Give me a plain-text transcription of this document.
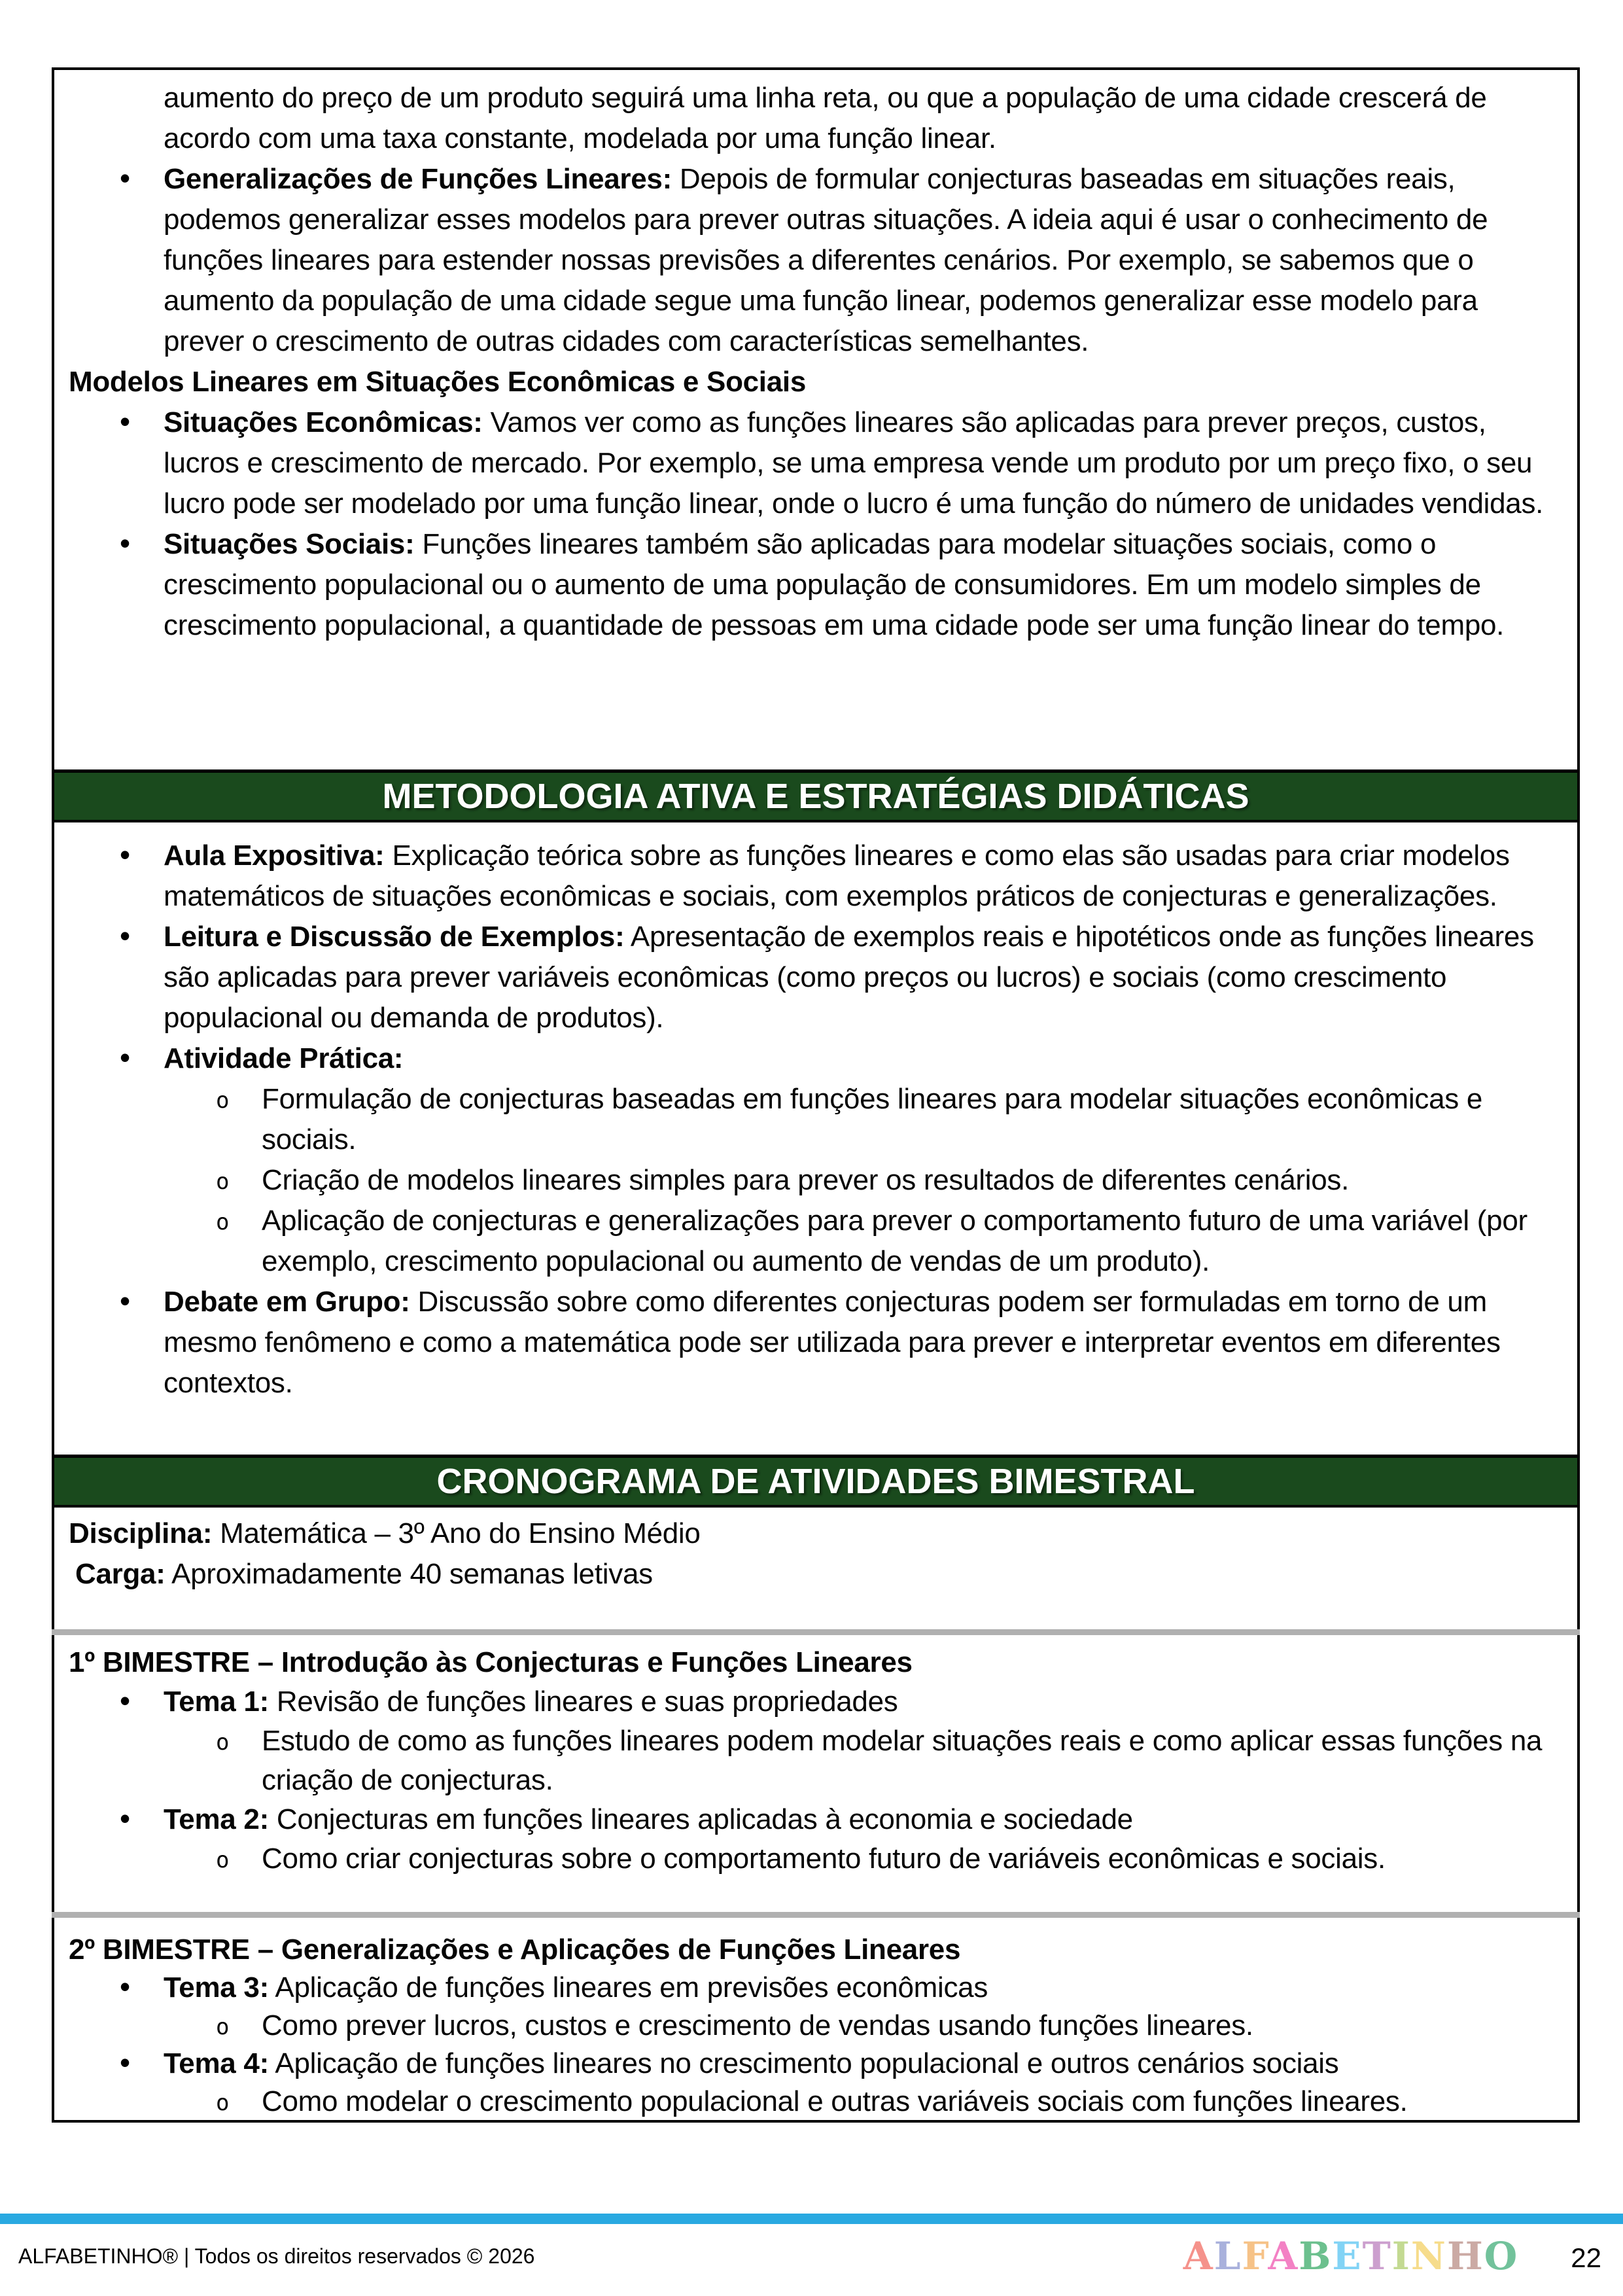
aumento do preço de um produto seguirá uma linha reta, ou que a população de uma cidade crescerá de acordo com uma taxa constante, modelada por uma função linear.

• Generalizações de Funções Lineares: Depois de formular conjecturas baseadas em situações reais, podemos generalizar esses modelos para prever outras situações. A ideia aqui é usar o conhecimento de funções lineares para estender nossas previsões a diferentes cenários. Por exemplo, se sabemos que o aumento da população de uma cidade segue uma função linear, podemos generalizar esse modelo para prever o crescimento de outras cidades com características semelhantes.

Modelos Lineares em Situações Econômicas e Sociais

• Situações Econômicas: Vamos ver como as funções lineares são aplicadas para prever preços, custos, lucros e crescimento de mercado. Por exemplo, se uma empresa vende um produto por um preço fixo, o seu lucro pode ser modelado por uma função linear, onde o lucro é uma função do número de unidades vendidas.
• Situações Sociais: Funções lineares também são aplicadas para modelar situações sociais, como o crescimento populacional ou o aumento de uma população de consumidores. Em um modelo simples de crescimento populacional, a quantidade de pessoas em uma cidade pode ser uma função linear do tempo.
METODOLOGIA ATIVA E ESTRATÉGIAS DIDÁTICAS
• Aula Expositiva: Explicação teórica sobre as funções lineares e como elas são usadas para criar modelos matemáticos de situações econômicas e sociais, com exemplos práticos de conjecturas e generalizações.
• Leitura e Discussão de Exemplos: Apresentação de exemplos reais e hipotéticos onde as funções lineares são aplicadas para prever variáveis econômicas (como preços ou lucros) e sociais (como crescimento populacional ou demanda de produtos).
• Atividade Prática:
o Formulação de conjecturas baseadas em funções lineares para modelar situações econômicas e sociais.
o Criação de modelos lineares simples para prever os resultados de diferentes cenários.
o Aplicação de conjecturas e generalizações para prever o comportamento futuro de uma variável (por exemplo, crescimento populacional ou aumento de vendas de um produto).
• Debate em Grupo: Discussão sobre como diferentes conjecturas podem ser formuladas em torno de um mesmo fenômeno e como a matemática pode ser utilizada para prever e interpretar eventos em diferentes contextos.
CRONOGRAMA DE ATIVIDADES BIMESTRAL

Disciplina: Matemática – 3º Ano do Ensino Médio

Carga: Aproximadamente 40 semanas letivas

1º BIMESTRE – Introdução às Conjecturas e Funções Lineares

• Tema 1: Revisão de funções lineares e suas propriedades
o Estudo de como as funções lineares podem modelar situações reais e como aplicar essas funções na criação de conjecturas.
• Tema 2: Conjecturas em funções lineares aplicadas à economia e sociedade
o Como criar conjecturas sobre o comportamento futuro de variáveis econômicas e sociais.

2º BIMESTRE – Generalizações e Aplicações de Funções Lineares

• Tema 3: Aplicação de funções lineares em previsões econômicas
o Como prever lucros, custos e crescimento de vendas usando funções lineares.
• Tema 4: Aplicação de funções lineares no crescimento populacional e outros cenários sociais
o Como modelar o crescimento populacional e outras variáveis sociais com funções lineares.
ALFABETINHO® | Todos os direitos reservados © 2026	ALFABETINHO 22
